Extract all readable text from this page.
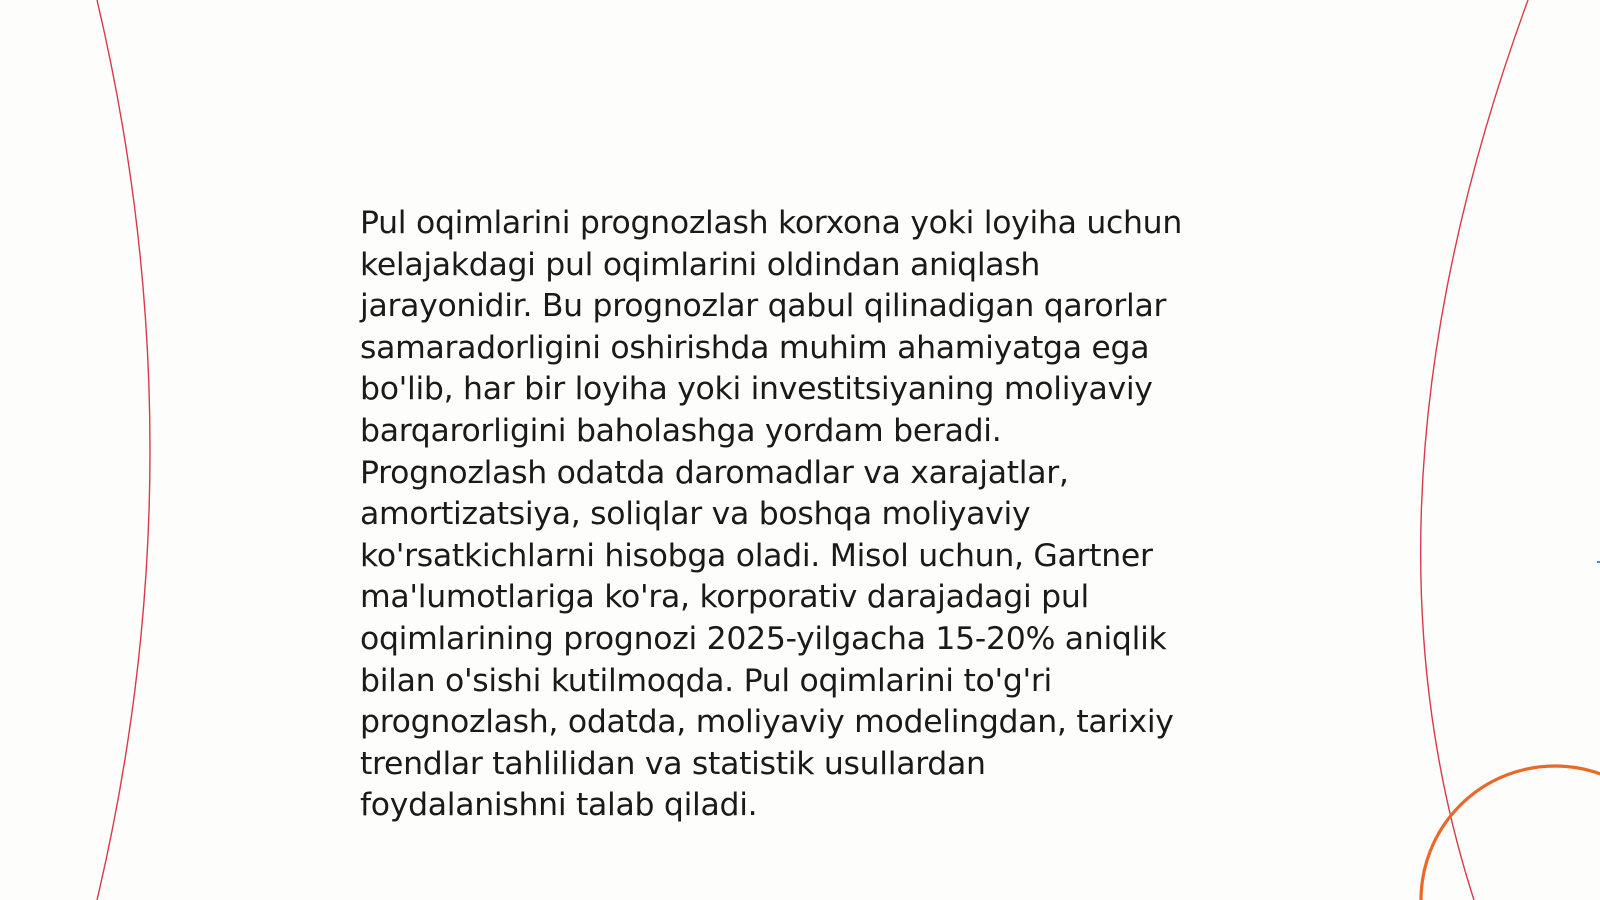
Pul oqimlarini prognozlash korxona yoki loyiha uchun
kelajakdagi pul oqimlarini oldindan aniqlash
jarayonidir. Bu prognozlar qabul qilinadigan qarorlar
samaradorligini oshirishda muhim ahamiyatga ega
bo'lib, har bir loyiha yoki investitsiyaning moliyaviy
barqarorligini baholashga yordam beradi.
Prognozlash odatda daromadlar va xarajatlar,
amortizatsiya, soliqlar va boshqa moliyaviy
ko'rsatkichlarni hisobga oladi. Misol uchun, Gartner
ma'lumotlariga ko'ra, korporativ darajadagi pul
oqimlarining prognozi 2025-yilgacha 15-20% aniqlik
bilan o'sishi kutilmoqda. Pul oqimlarini to'g'ri
prognozlash, odatda, moliyaviy modelingdan, tarixiy
trendlar tahlilidan va statistik usullardan
foydalanishni talab qiladi.
